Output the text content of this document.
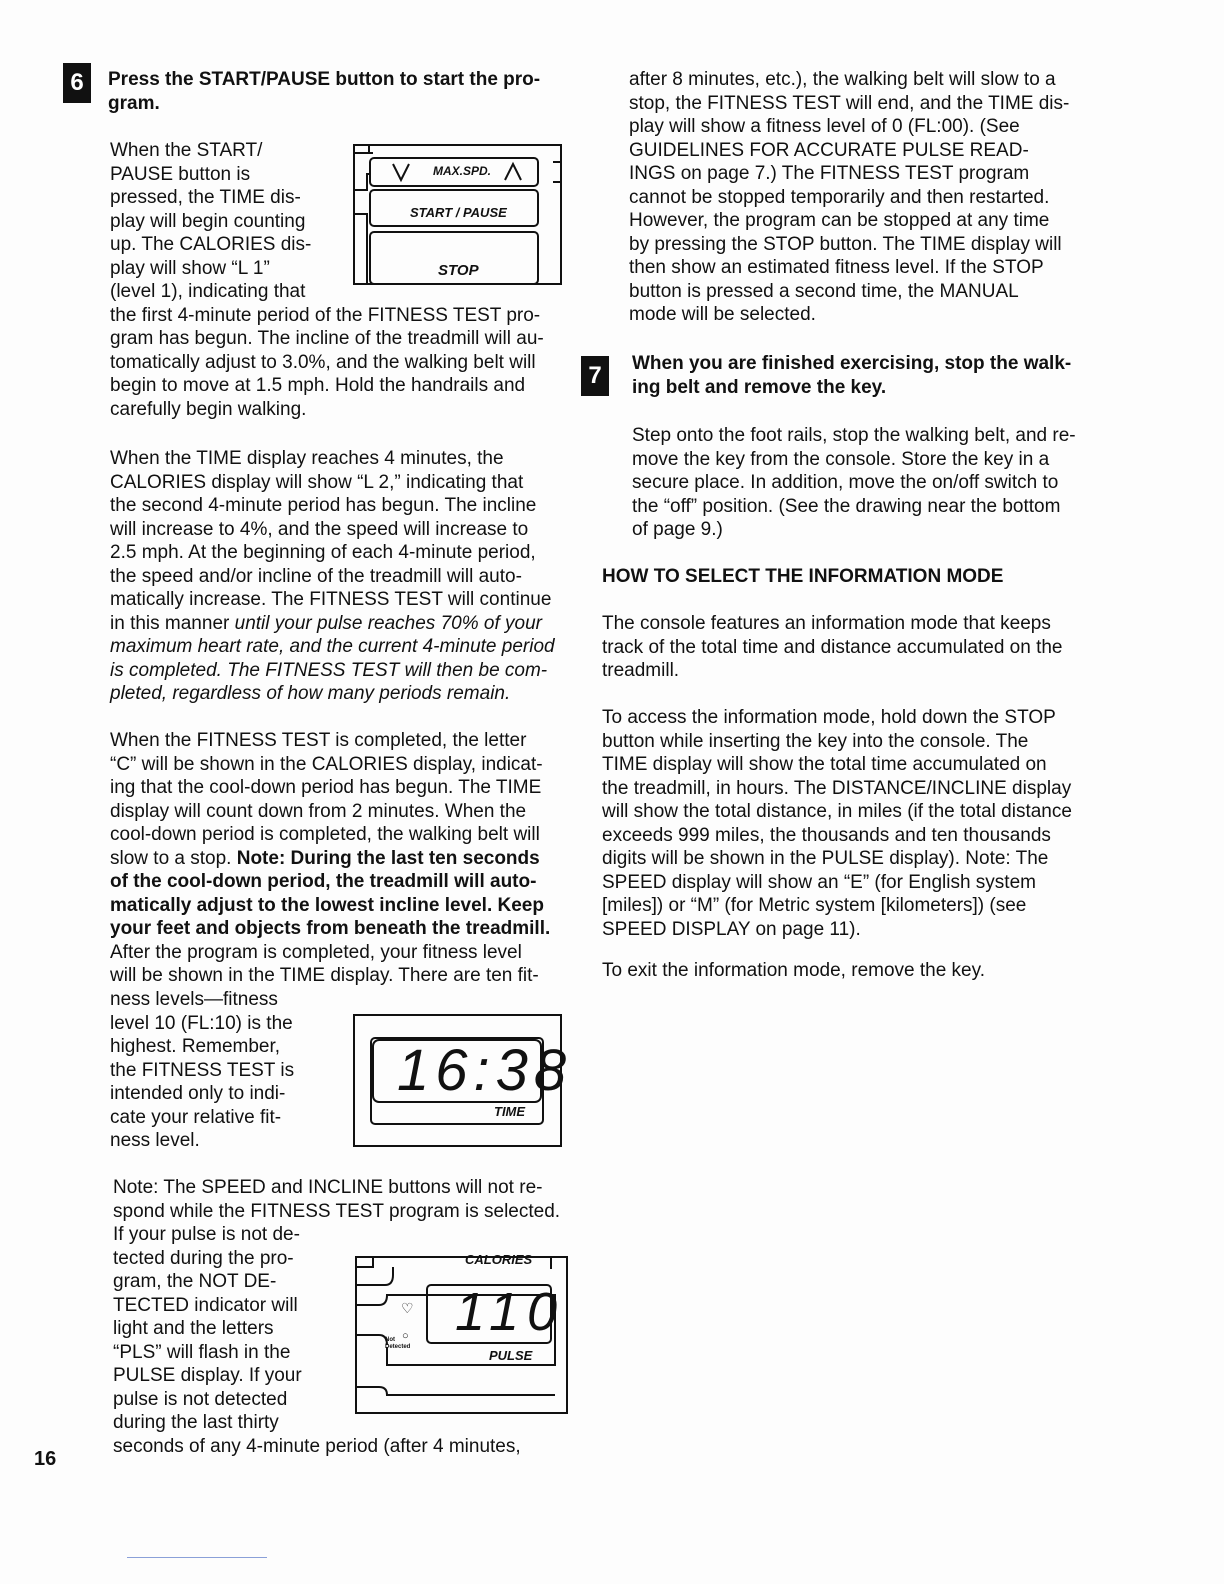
6	Press the START/PAUSE button to start the pro-
gram.
When the START/
PAUSE button is
pressed, the TIME dis-
play will begin counting
up. The CALORIES dis-
play will show “L 1”
(level 1), indicating that
the first 4-minute period of the FITNESS TEST pro-
gram has begun. The incline of the treadmill will au-
tomatically adjust to 3.0%, and the walking belt will
begin to move at 1.5 mph. Hold the handrails and
carefully begin walking.
When the TIME display reaches 4 minutes, the
CALORIES display will show “L 2,” indicating that
the second 4-minute period has begun. The incline
will increase to 4%, and the speed will increase to
2.5 mph. At the beginning of each 4-minute period,
the speed and/or incline of the treadmill will auto-
matically increase. The FITNESS TEST will continue
in this manner until your pulse reaches 70% of your
maximum heart rate, and the current 4-minute period
is completed. The FITNESS TEST will then be com-
pleted, regardless of how many periods remain.
When the FITNESS TEST is completed, the letter
“C” will be shown in the CALORIES display, indicat-
ing that the cool-down period has begun. The TIME
display will count down from 2 minutes. When the
cool-down period is completed, the walking belt will
slow to a stop. Note: During the last ten seconds
of the cool-down period, the treadmill will auto-
matically adjust to the lowest incline level. Keep
your feet and objects from beneath the treadmill.
After the program is completed, your fitness level
will be shown in the TIME display. There are ten fit-
ness levels—fitness
level 10 (FL:10) is the
highest. Remember,
the FITNESS TEST is
intended only to indi-
cate your relative fit-
ness level.
Note: The SPEED and INCLINE buttons will not re-
spond while the FITNESS TEST program is selected.
If your pulse is not de-
tected during the pro-
gram, the NOT DE-
TECTED indicator will
light and the letters
“PLS” will flash in the
PULSE display. If your
pulse is not detected
during the last thirty
seconds of any 4-minute period (after 4 minutes,
after 8 minutes, etc.), the walking belt will slow to a
stop, the FITNESS TEST will end, and the TIME dis-
play will show a fitness level of 0 (FL:00). (See
GUIDELINES FOR ACCURATE PULSE READ-
INGS on page 7.) The FITNESS TEST program
cannot be stopped temporarily and then restarted.
However, the program can be stopped at any time
by pressing the STOP button. The TIME display will
then show an estimated fitness level. If the STOP
button is pressed a second time, the MANUAL
mode will be selected.
7	When you are finished exercising, stop the walk-
ing belt and remove the key.
Step onto the foot rails, stop the walking belt, and re-
move the key from the console. Store the key in a
secure place. In addition, move the on/off switch to
the “off” position. (See the drawing near the bottom
of page 9.)
HOW TO SELECT THE INFORMATION MODE
The console features an information mode that keeps
track of the total time and distance accumulated on the
treadmill.
To access the information mode, hold down the STOP
button while inserting the key into the console. The
TIME display will show the total time accumulated on
the treadmill, in hours. The DISTANCE/INCLINE display
will show the total distance, in miles (if the total distance
exceeds 999 miles, the thousands and ten thousands
digits will be shown in the PULSE display). Note: The
SPEED display will show an “E” (for English system
[miles]) or “M” (for Metric system [kilometers]) (see
SPEED DISPLAY on page 11).
To exit the information mode, remove the key.
16
MAX.SPD.
START / PAUSE
STOP
16:38
TIME
CALORIES
♡
○
Not Detected
110
PULSE
